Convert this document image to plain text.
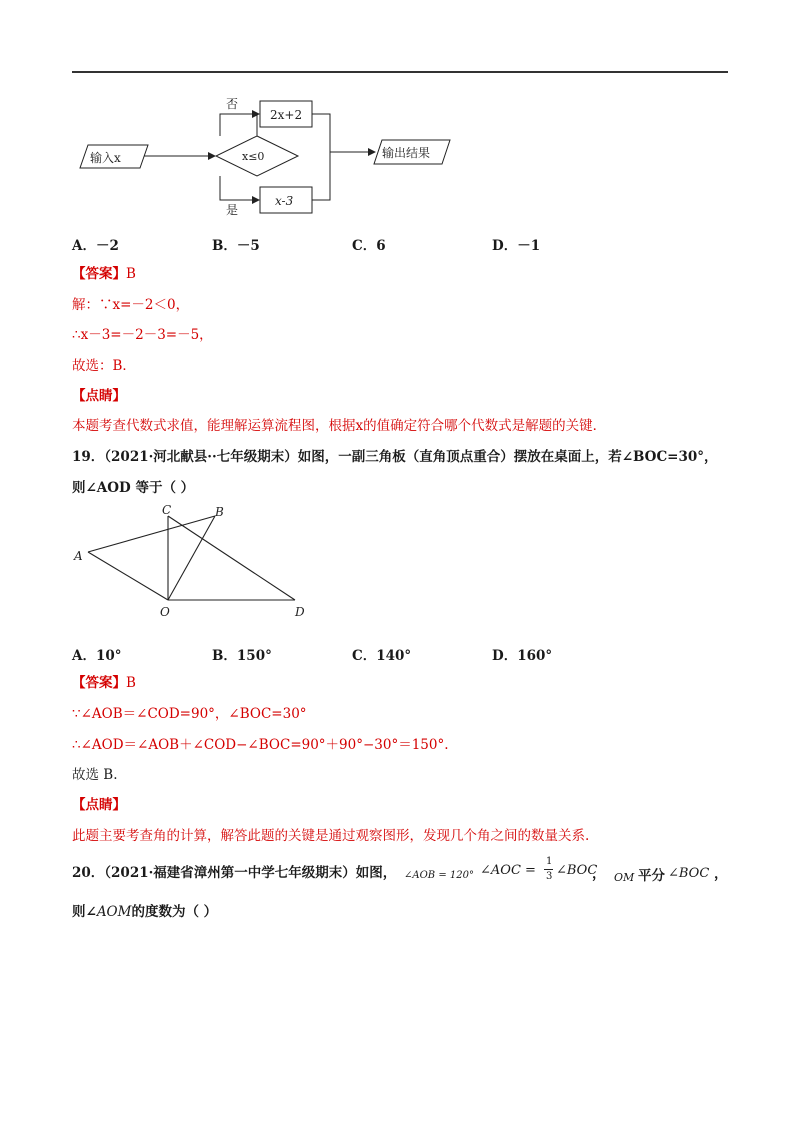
输入x	x≤0
否
2x+2
是
x-3
输出结果
A．－2	B．－5	C．6	D．－1
【答案】B
解：∵x=－2＜0，
∴x－3=－2－3=－5，
故选：B．
【点睛】
本题考查代数式求值，能理解运算流程图，根据x的值确定符合哪个代数式是解题的关键．
19．（2021·河北献县··七年级期末）如图，一副三角板（直角顶点重合）摆放在桌面上，若∠BOC=30°，
则∠AOD 等于（ ）
A
C	B
O	D
A．10°	B．150°	C．140°	D．160°
【答案】B
∵∠AOB＝∠COD=90°，∠BOC=30°
∴∠AOD＝∠AOB＋∠COD−∠BOC=90°＋90°−30°＝150°.
故选 B.
【点睛】
此题主要考查角的计算，解答此题的关键是通过观察图形，发现几个角之间的数量关系.
20．（2021·福建省漳州第一中学七年级期末）如图， ∠AOB = 120° ∠AOC =
1
3 ∠BOC
， OM 平分 ∠BOC ，
则∠AOM的度数为（ ）
